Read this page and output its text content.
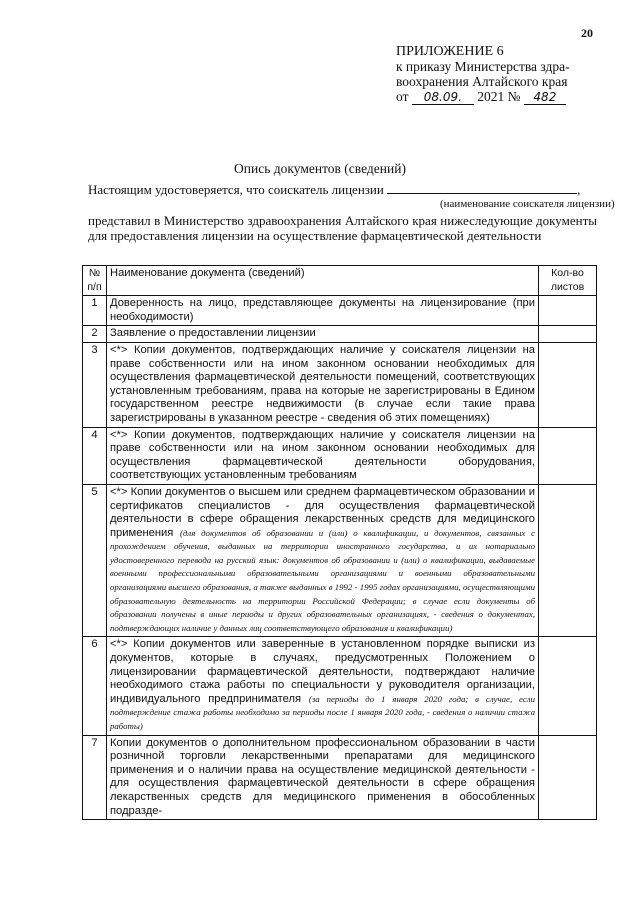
20
ПРИЛОЖЕНИЕ 6
к приказу Министерства здра-
воохранения Алтайского края
от 08.09. 2021 № 482
Опись документов (сведений)
Настоящим удостоверяется, что соискатель лицензии	,
(наименование соискателя лицензии)
представил в Министерство здравоохранения Алтайского края нижеследующие документы для предоставления лицензии на осуществление фармацевтической деятельности
№ п/п	Наименование документа (сведений)	Кол-во листов
1	Доверенность на лицо, представляющее документы на лицензирование (при необходимости)	
2	Заявление о предоставлении лицензии	
3	<*> Копии документов, подтверждающих наличие у соискателя лицензии на праве собственности или на ином законном основании необходимых для осуществления фармацевтической деятельности помещений, соответствующих установленным требованиям, права на которые не зарегистрированы в Едином государственном реестре недвижимости (в случае если такие права зарегистрированы в указанном реестре - сведения об этих помещениях)	
4	<*> Копии документов, подтверждающих наличие у соискателя лицензии на праве собственности или на ином законном основании необходимых для осуществления фармацевтической деятельности оборудования, соответствующих установленным требованиям	
5	<*> Копии документов о высшем или среднем фармацевтическом образовании и сертификатов специалистов - для осуществления фармацевтической деятельности в сфере обращения лекарственных средств для медицинского применения (для документов об образовании и (или) о квалификации, и документов, связанных с прохождением обучения, выданных на территории иностранного государства, и их нотариально удостоверенного перевода на русский язык: документов об образовании и (или) о квалификации, выдаваемые военными профессиональными образовательными организациями и военными образовательными организациями высшего образования, а также выданных в 1992 - 1995 годах организациями, осуществляющими образовательную деятельность на территории Российской Федерации; в случае если документы об образовании получены в иные периоды и других образовательных организациях, - сведения о документах, подтверждающих наличие у данных лиц соответствующего образования и квалификации)	
6	<*> Копии документов или заверенные в установленном порядке выписки из документов, которые в случаях, предусмотренных Положением о лицензировании фармацевтической деятельности, подтверждают наличие необходимого стажа работы по специальности у руководителя организации, индивидуального предпринимателя (за периоды до 1 января 2020 года; в случае, если подтверждение стажа работы необходимо за периоды после 1 января 2020 года, - сведения о наличии стажа работы)	
7	Копии документов о дополнительном профессиональном образовании в части розничной торговли лекарственными препаратами для медицинского применения и о наличии права на осуществление медицинской деятельности - для осуществления фармацевтической деятельности в сфере обращения лекарственных средств для медицинского применения в обособленных подразде-	
